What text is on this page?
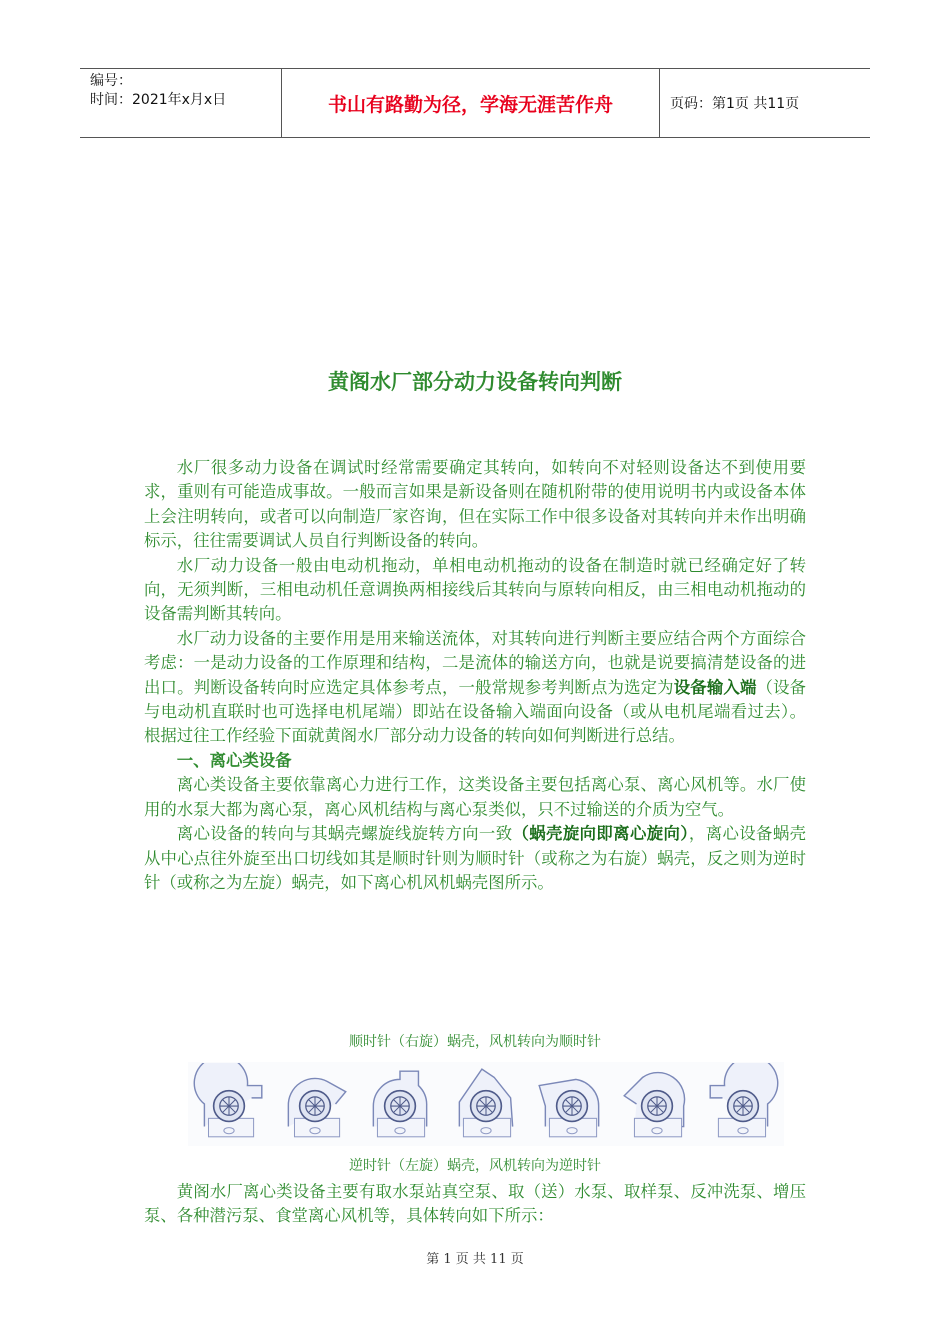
编号：
时间：2021年x月x日	书山有路勤为径，学海无涯苦作舟	页码：第1页 共11页
黄阁水厂部分动力设备转向判断

水厂很多动力设备在调试时经常需要确定其转向，如转向不对轻则设备达不到使用要求，重则有可能造成事故。一般而言如果是新设备则在随机附带的使用说明书内或设备本体上会注明转向，或者可以向制造厂家咨询，但在实际工作中很多设备对其转向并未作出明确标示，往往需要调试人员自行判断设备的转向。

水厂动力设备一般由电动机拖动，单相电动机拖动的设备在制造时就已经确定好了转向，无须判断，三相电动机任意调换两相接线后其转向与原转向相反，由三相电动机拖动的设备需判断其转向。

水厂动力设备的主要作用是用来输送流体，对其转向进行判断主要应结合两个方面综合考虑：一是动力设备的工作原理和结构，二是流体的输送方向，也就是说要搞清楚设备的进出口。判断设备转向时应选定具体参考点，一般常规参考判断点为选定为设备输入端（设备与电动机直联时也可选择电机尾端）即站在设备输入端面向设备（或从电机尾端看过去）。根据过往工作经验下面就黄阁水厂部分动力设备的转向如何判断进行总结。

一、离心类设备

离心类设备主要依靠离心力进行工作，这类设备主要包括离心泵、离心风机等。水厂使用的水泵大都为离心泵，离心风机结构与离心泵类似，只不过输送的介质为空气。

离心设备的转向与其蜗壳螺旋线旋转方向一致（蜗壳旋向即离心旋向），离心设备蜗壳从中心点往外旋至出口切线如其是顺时针则为顺时针（或称之为右旋）蜗壳，反之则为逆时针（或称之为左旋）蜗壳，如下离心机风机蜗壳图所示。

顺时针（右旋）蜗壳，风机转向为顺时针
逆时针（左旋）蜗壳，风机转向为逆时针

黄阁水厂离心类设备主要有取水泵站真空泵、取（送）水泵、取样泵、反冲洗泵、增压泵、各种潜污泵、食堂离心风机等，具体转向如下所示：

第 1 页 共 11 页
